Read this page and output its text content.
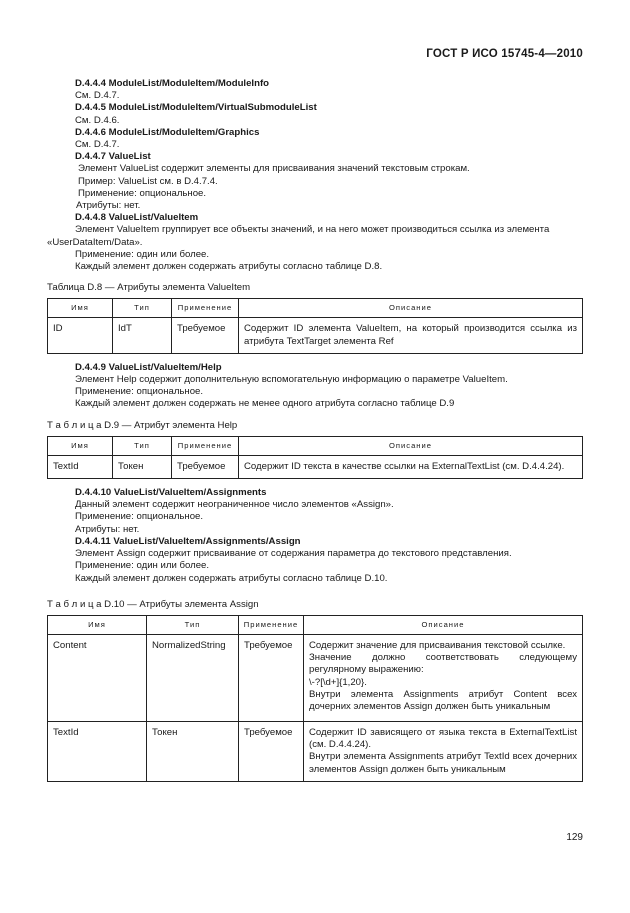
ГОСТ Р ИСО 15745-4—2010

D.4.4.4 ModuleList/ModuleItem/ModuleInfo

См. D.4.7.

D.4.4.5 ModuleList/ModuleItem/VirtualSubmoduleList

См. D.4.6.

D.4.4.6 ModuleList/ModuleItem/Graphics

См. D.4.7.

D.4.4.7 ValueList

Элемент ValueList содержит элементы для присваивания значений текстовым строкам.

Пример: ValueList см. в D.4.7.4.

Применение: опциональное.

Атрибуты: нет.

D.4.4.8 ValueList/ValueItem

Элемент ValueItem группирует все объекты значений, и на него может производиться ссылка из элемента

«UserDataItem/Data».

Применение: один или более.

Каждый элемент должен содержать атрибуты согласно таблице D.8.

Таблица D.8 — Атрибуты элемента ValueItem

Имя	Тип	Применение	Описание
ID	IdT	Требуемое	Содержит ID элемента ValueItem, на который производится ссылка из атрибута TextTarget элемента Ref

D.4.4.9 ValueList/ValueItem/Help

Элемент Help содержит дополнительную вспомогательную информацию о параметре ValueItem.

Применение: опциональное.

Каждый элемент должен содержать не менее одного атрибута согласно таблице D.9

Т а б л и ц а D.9 — Атрибут элемента Help

Имя	Тип	Применение	Описание
TextId	Токен	Требуемое	Содержит ID текста в качестве ссылки на ExternalTextList (см. D.4.4.24).

D.4.4.10 ValueList/ValueItem/Assignments

Данный элемент содержит неограниченное число элементов «Assign».

Применение: опциональное.

Атрибуты: нет.

D.4.4.11 ValueList/ValueItem/Assignments/Assign

Элемент Assign содержит присваивание от содержания параметра до текстового представления.

Применение: один или более.

Каждый элемент должен содержать атрибуты согласно таблице D.10.

Т а б л и ц а D.10 — Атрибуты элемента Assign

Имя	Тип	Применение	Описание
Content	NormalizedString	Требуемое	Содержит значение для присваивания текстовой ссылке.
Значение должно соответствовать следующему регулярному выражению:
\-?[\d+]{1,20}.
Внутри элемента Assignments атрибут Content всех дочерних элементов Assign должен быть уникальным

TextId	Токен	Требуемое	Содержит ID зависящего от языка текста в ExternalTextList (см. D.4.4.24).
Внутри элемента Assignments атрибут TextId всех дочерних элементов Assign должен быть уникальным
129
